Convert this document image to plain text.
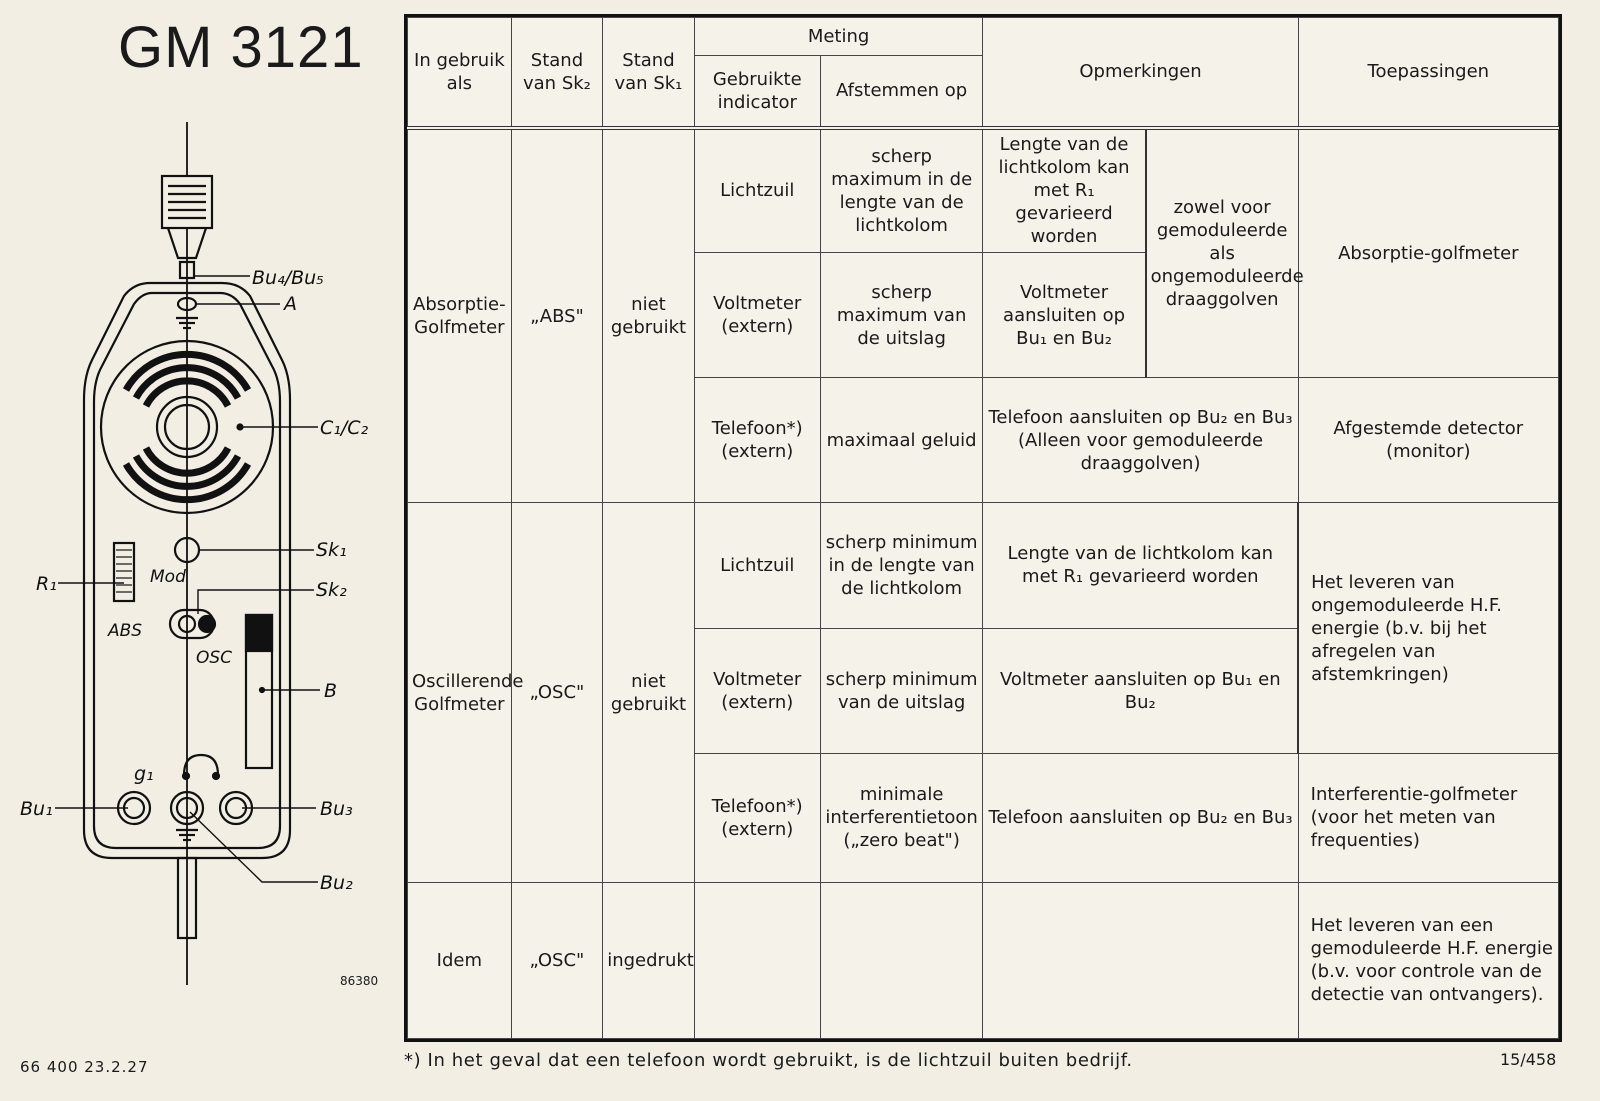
GM 3121
Bu₄/Bu₅
A
C₁/C₂
Sk₁
Sk₂
Mod
R₁
ABS
OSC
B
g₁
Bu₁	Bu₃
Bu₂
86380
In gebruik als	Stand van Sk₂	Stand van Sk₁	Meting		Opmerkingen		Toepassingen
			Gebruikte indicator	Afstemmen op			
Absorptie-Golfmeter	„ABS"	niet gebruikt	Lichtzuil	scherp maximum in de lengte van de lichtkolom	Lengte van de lichtkolom kan met R₁ gevarieerd worden	zowel voor gemoduleerde als ongemoduleerde draaggolven	Absorptie-golfmeter
			Voltmeter (extern)	scherp maximum van de uitslag	Voltmeter aansluiten op Bu₁ en Bu₂		
			Telefoon*) (extern)	maximaal geluid	Telefoon aansluiten op Bu₂ en Bu₃ (Alleen voor gemoduleerde draaggolven)		Afgestemde detector (monitor)
Oscillerende Golfmeter	„OSC"	niet gebruikt	Lichtzuil	scherp minimum in de lengte van de lichtkolom	Lengte van de lichtkolom kan met R₁ gevarieerd worden		Het leveren van ongemoduleerde H.F. energie (b.v. bij het afregelen van afstemkringen)
			Voltmeter (extern)	scherp minimum van de uitslag	Voltmeter aansluiten op Bu₁ en Bu₂		
			Telefoon*) (extern)	minimale interferentietoon („zero beat")	Telefoon aansluiten op Bu₂ en Bu₃		Interferentie-golfmeter (voor het meten van frequenties)
Idem	„OSC"	ingedrukt					Het leveren van een gemoduleerde H.F. energie (b.v. voor controle van de detectie van ontvangers).
*) In het geval dat een telefoon wordt gebruikt, is de lichtzuil buiten bedrijf.
66 400 23.2.27	15/458
